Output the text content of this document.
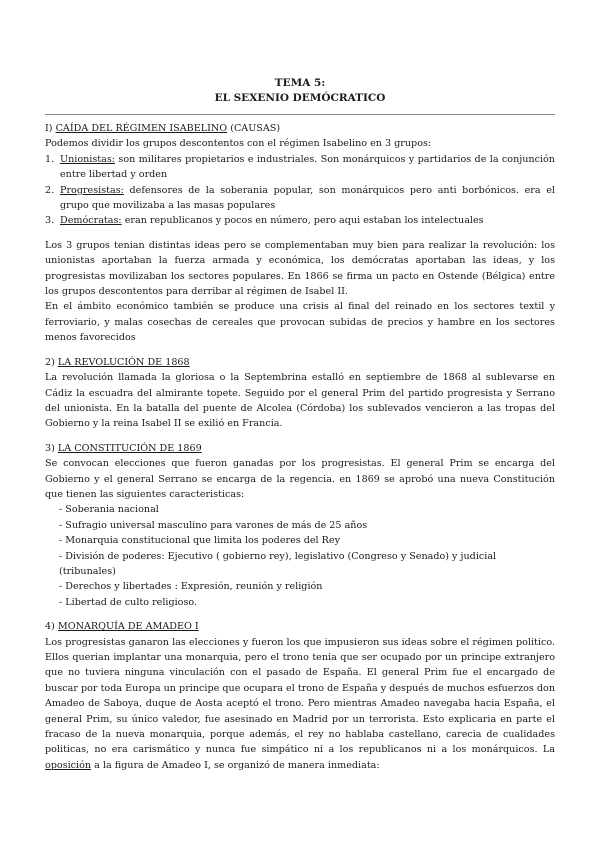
TEMA 5:
EL SEXENIO DEMÓCRATICO

I) CAÍDA DEL RÉGIMEN ISABELINO (CAUSAS)

Podemos dividir los grupos descontentos con el régimen Isabelino en 3 grupos:

1. Unionistas: son militares propietarios e industriales. Son monárquicos y partidarios de la conjunción entre libertad y orden
2. Progresistas: defensores de la soberania popular, son monárquicos pero anti borbónicos. era el grupo que movilizaba a las masas populares
3. Demócratas: eran republicanos y pocos en número, pero aqui estaban los intelectuales

Los 3 grupos tenian distintas ideas pero se complementaban muy bien para realizar la revolución: los unionistas aportaban la fuerza armada y económica, los demócratas aportaban las ideas, y los progresistas movilizaban los sectores populares. En 1866 se firma un pacto en Ostende (Bélgica) entre los grupos descontentos para derribar al régimen de Isabel II.

En el ámbito económico también se produce una crisis al final del reinado en los sectores textil y ferroviario, y malas cosechas de cereales que provocan subidas de precios y hambre en los sectores menos favorecidos

2) LA REVOLUCIÓN DE 1868

La revolución llamada la gloriosa o la Septembrina estalló en septiembre de 1868 al sublevarse en Cádiz la escuadra del almirante topete. Seguido por el general Prim del partido progresista y Serrano del unionista. En la batalla del puente de Alcolea (Córdoba) los sublevados vencieron a las tropas del Gobierno y la reina Isabel II se exilió en Francia.

3) LA CONSTITUCIÓN DE 1869

Se convocan elecciones que fueron ganadas por los progresistas. El general Prim se encarga del Gobierno y el general Serrano se encarga de la regencia. en 1869 se aprobó una nueva Constitución que tienen las siguientes caracteristicas:

- Soberania nacional
- Sufragio universal masculino para varones de más de 25 años
- Monarquia constitucional que limita los poderes del Rey
- División de poderes: Ejecutivo ( gobierno rey), legislativo (Congreso y Senado) y judicial (tribunales)
- Derechos y libertades : Expresión, reunión y religión
- Libertad de culto religioso.

4) MONARQUÍA DE AMADEO I

Los progresistas ganaron las elecciones y fueron los que impusieron sus ideas sobre el régimen politico. Ellos querian implantar una monarquia, pero el trono tenia que ser ocupado por un principe extranjero que no tuviera ninguna vinculación con el pasado de España. El general Prim fue el encargado de buscar por toda Europa un principe que ocupara el trono de España y después de muchos esfuerzos don Amadeo de Saboya, duque de Aosta aceptó el trono. Pero mientras Amadeo navegaba hacia España, el general Prim, su único valedor, fue asesinado en Madrid por un terrorista. Esto explicaria en parte el fracaso de la nueva monarquia, porque además, el rey no hablaba castellano, carecia de cualidades politicas, no era carismático y nunca fue simpático ni a los republicanos ni a los monárquicos. La oposición a la figura de Amadeo I, se organizó de manera inmediata:
